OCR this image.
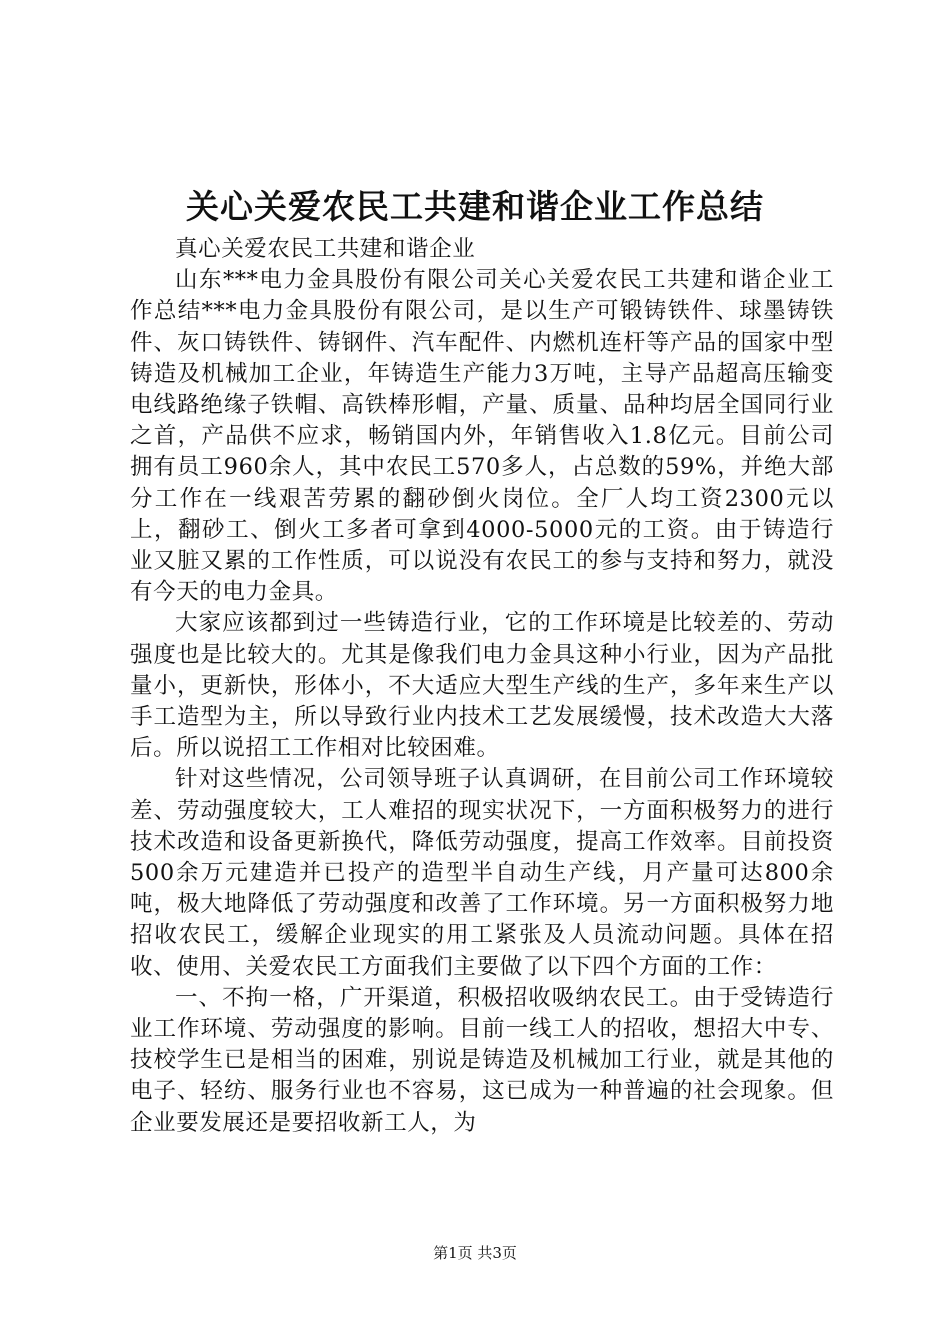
关心关爱农民工共建和谐企业工作总结

真心关爱农民工共建和谐企业

山东***电力金具股份有限公司关心关爱农民工共建和谐企业工作总结***电力金具股份有限公司，是以生产可锻铸铁件、球墨铸铁件、灰口铸铁件、铸钢件、汽车配件、内燃机连杆等产品的国家中型铸造及机械加工企业，年铸造生产能力3万吨，主导产品超高压输变电线路绝缘子铁帽、高铁棒形帽，产量、质量、品种均居全国同行业之首，产品供不应求，畅销国内外，年销售收入1.8亿元。目前公司拥有员工960余人，其中农民工570多人，占总数的59%，并绝大部分工作在一线艰苦劳累的翻砂倒火岗位。全厂人均工资2300元以上，翻砂工、倒火工多者可拿到4000-5000元的工资。由于铸造行业又脏又累的工作性质，可以说没有农民工的参与支持和努力，就没有今天的电力金具。

大家应该都到过一些铸造行业，它的工作环境是比较差的、劳动强度也是比较大的。尤其是像我们电力金具这种小行业，因为产品批量小，更新快，形体小，不大适应大型生产线的生产，多年来生产以手工造型为主，所以导致行业内技术工艺发展缓慢，技术改造大大落后。所以说招工工作相对比较困难。

针对这些情况，公司领导班子认真调研，在目前公司工作环境较差、劳动强度较大，工人难招的现实状况下，一方面积极努力的进行技术改造和设备更新换代，降低劳动强度，提高工作效率。目前投资500余万元建造并已投产的造型半自动生产线，月产量可达800余吨，极大地降低了劳动强度和改善了工作环境。另一方面积极努力地招收农民工，缓解企业现实的用工紧张及人员流动问题。具体在招收、使用、关爱农民工方面我们主要做了以下四个方面的工作：

一、不拘一格，广开渠道，积极招收吸纳农民工。由于受铸造行业工作环境、劳动强度的影响。目前一线工人的招收，想招大中专、技校学生已是相当的困难，别说是铸造及机械加工行业，就是其他的电子、轻纺、服务行业也不容易，这已成为一种普遍的社会现象。但企业要发展还是要招收新工人，为

第1页 共3页
